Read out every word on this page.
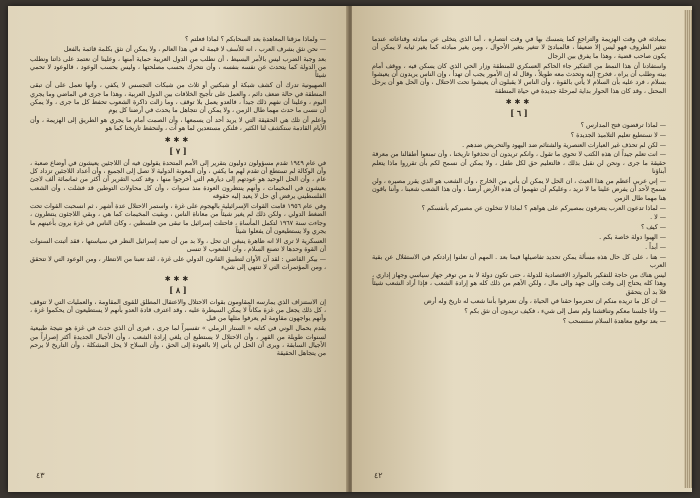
— ولماذا مزقنا المعاهدة بعد السحابكم ؟ لماذا فعلتم ؟

— نحن نثق بشرف العرب ، انه للأسف لا قيمة له في هذا العالم ، ولا يمكن أن نثق بكلمة قائمة بالفعل

بعد وجبة الضرب ليس بالأمر البسيط ، أن نطلب من الدول العربية حماية أمنها ، وعلينا أن نعتمد على ذاتنا ونطلب من الدولة كما يتحدث عن نفسه بنفسه ، وأن نتحرك بحسب مصلحتها ، وليس بحسب الوعود ، فالوعود لا تحمي شيئاً

الصهيونية تدرك أن كشف شبكة أو شبكتين أو ثلاث من شبكات التجسس لا يكفي ، وأنها تعمل على أن تبقى المنطقة في حالة ضعف دائم ، والعمل على تأجيج الخلافات بين الدول العربية ، وهذا ما جرى في الماضي وما يجري اليوم ، وعلينا أن نفهم ذلك جيداً ، فالعدو يعمل بلا توقف ، وما زالت ذاكرة الشعوب تحفظ كل ما جرى ، ولا يمكن أن ننسى ما حدث مهما طال الزمن ، ولا يمكن أن نتجاهل ما يحدث في أرضنا كل يوم

واعلم أن تلك هي الحقيقة التي لا يريد أحد أن يسمعها ، وأن الصمت أمام ما يجري هو الطريق إلى الهزيمة ، وأن الأيام القادمة ستكشف لنا الكثير ، فلنكن مستعدين لما هو آت ، ولنحفظ تاريخنا كما هو

✱✱✱
[ ٧ ]

في عام ١٩٤٩ تقدم مسؤولون دوليون بتقرير إلى الأمم المتحدة يقولون فيه أن اللاجئين يعيشون في أوضاع صعبة ، وأن الوكالة لم تستطع أن تقدم لهم ما يكفي ، وأن المعونة الدولية لا تصل إلى الجميع ، وأن أعداد اللاجئين تزداد كل عام ، وأن الحل الوحيد هو عودتهم إلى ديارهم التي أخرجوا منها ، وقد كتب التقرير أن أكثر من ثمانمائة ألف لاجئ يعيشون في المخيمات ، وأنهم ينتظرون العودة منذ سنوات ، وأن كل محاولات التوطين قد فشلت ، وأن الشعب الفلسطيني يرفض أي حل لا يعيد إليه حقوقه

وفي عام ١٩٥٦ قامت القوات الإسرائيلية بالهجوم على غزة ، واستمر الاحتلال عدة أشهر ، ثم انسحبت القوات تحت الضغط الدولي ، ولكن ذلك لم يغير شيئاً من معاناة الناس ، وبقيت المخيمات كما هي ، وبقي اللاجئون ينتظرون ، وجاءت سنة ١٩٦٧ لتكمل المأساة ، فاحتلت إسرائيل ما تبقى من فلسطين ، وكان الناس في غزة يرون بأعينهم ما يجري ولا يستطيعون أن يفعلوا شيئاً

العسكرية لا ترى الا انه ظاهرة ينبغي ان تحل ، ولا بد من أن تعيد إسرائيل النظر في سياستها ، فقد أثبتت السنوات أن القوة وحدها لا تصنع السلام ، وأن الشعوب لا تنسى

— بيكر القاضي : لقد آن الأوان لتطبيق القانون الدولي على غزة ، لقد تعبنا من الانتظار ، ومن الوعود التي لا تتحقق ، ومن المؤتمرات التي لا تنتهي إلى شيء

✱✱✱
[ ٨ ]

إن الاستنزاف الذي يمارسه المقاومون بقوات الاحتلال والاعتقال المطلق للقوى المقاومة ، والعمليات التي لا تتوقف ، كل ذلك يجعل من غزة مكاناً لا يمكن السيطرة عليه ، وقد اعترف قادة العدو بأنهم لا يستطيعون أن يحكموا غزة ، وأنهم يواجهون مقاومة لم يعرفوا مثلها من قبل

يقدم بحمال الوني في كتابه « الستار الرملي » تفسيراً لما جرى ، فيرى أن الذي حدث في غزة هو نتيجة طبيعية لسنوات طويلة من القهر ، وأن الاحتلال لا يستطيع أن يلغي إرادة الشعب ، وأن الأجيال الجديدة أكثر إصراراً من الأجيال السابقة ، ويرى أن الحل لن يأتي إلا بالعودة إلى الحق ، وأن السلاح لا يحل المشكلة ، وأن التاريخ لا يرحم من يتجاهل الحقيقة

٤٣

بمبادئه في وقت الهزيمة والتراجع كما يتمسك بها في وقت انتصاره ، أما الذي يتخلى عن مبادئه وقناعاته عندما تتغير الظروف فهو ليس إلا ضعيفاً ، فالمبادئ لا تتغير بتغير الأحوال ، ومن يغير مبادئه كما يغير ثيابه لا يمكن أن يكون صاحب قضية ، وهذا ما يفرق بين الرجال

واستفادنا أن هذا النمط من التفكير جاء الحاكم العسكري للمنطقة وزار الحي الذي كان يسكن فيه ، ووقف أمام بيته وطلب أن يراه ، فخرج إليه وتحدث معه طويلاً ، وقال له إن الأمور يجب أن تهدأ ، وإن الناس يريدون أن يعيشوا بسلام ، فرد عليه بأن السلام لا يأتي بالقوة ، وأن الناس لا يقبلون أن يعيشوا تحت الاحتلال ، وأن الحل هو أن يرحل المحتل ، وقد كان هذا الحوار بداية لمرحلة جديدة في حياة المنطقة

✱✱✱
[ ٦ ]

— لماذا ترفضون فتح المدارس ؟

— لا نستطيع تعليم التلاميذ الجديدة ؟

— لكن لم تحذف غير العبارات العنصرية والشتائم ضد اليهود والتحريض ضدهم .

— انت تعلم جيداً ان هذه الكتب لا تحوي ما تقول ، وانكم تريدون أن تحذفوا تاريخنا ، وأن تمنعوا أطفالنا من معرفة حقيقة ما جرى ، ونحن لن نقبل بذلك ، فالتعليم حق لكل طفل ، ولا يمكن أن نسمح لكم بأن تقرروا ماذا يتعلم أبناؤنا

— إني عربي أعظم من هذا العبث ، ان الحل لا يمكن أن يأتي من الخارج ، وأن الشعب هو الذي يقرر مصيره ، ولن نسمح لأحد أن يفرض علينا ما لا نريد ، وعليكم أن تفهموا أن هذه الأرض أرضنا ، وأن هذا الشعب شعبنا ، وأننا باقون هنا مهما طال الزمن

— لماذا تدعون العرب يتعرفون بمصيركم على هواهم ؟ لماذا لا تتخلون عن مصيركم بأنفسكم ؟

— لا .

— كيف ؟

— الهبوا دولة خاصة بكم .

— أبداً .

— هنا ، على كل حال هذه مسألة يمكن تحديد تفاصيلها فيما بعد . المهم أن تعلنوا إرادتكم في الاستقلال عن بقية العرب

ليس هناك من حاجة للتفكير بالموارد الاقتصادية للدولة ، حتى تكون دولة لا بد من توفر جهاز سياسي وجهاز إداري ، وهذا كله يحتاج إلى وقت وإلى جهد وإلى مال ، ولكن الأهم من ذلك كله هو إرادة الشعب ، فإذا أراد الشعب شيئاً فلا بد أن يتحقق

— ان كل ما تريده منكم ان تحترموا حقنا في الحياة ، وأن تعترفوا بأننا شعب له تاريخ وله أرض

— وانا جلسنا معكم وتناقشنا ولم نصل إلى شيء ، فكيف تريدون أن نثق بكم ؟

— بعد توقيع معاهدة السلام ستنسحب ؟

٤٢
